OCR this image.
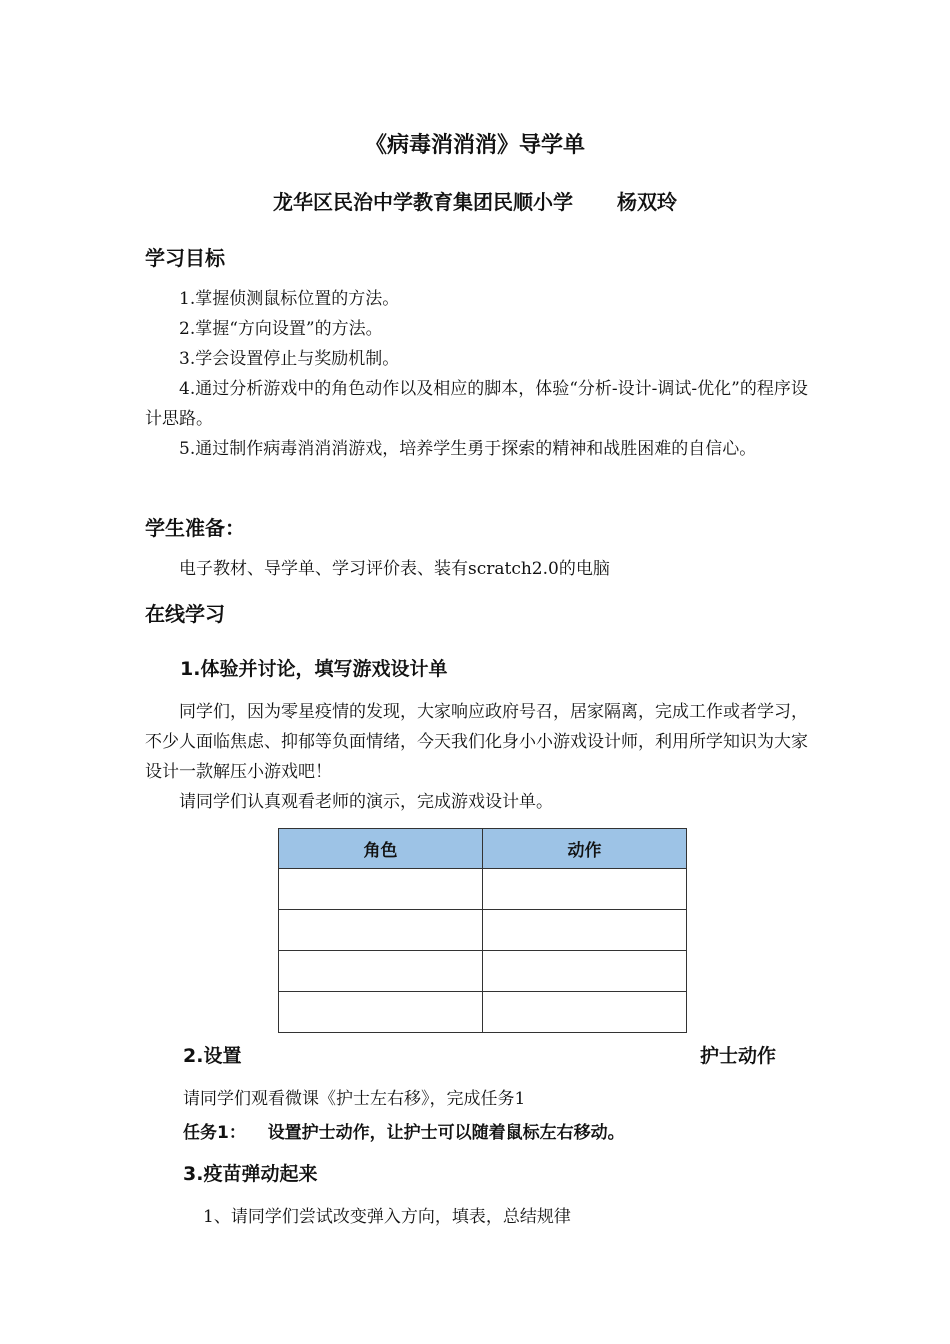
《病毒消消消》导学单
龙华区民治中学教育集团民顺小学 杨双玲
学习目标
1.掌握侦测鼠标位置的方法。
2.掌握“方向设置”的方法。
3.学会设置停止与奖励机制。
4.通过分析游戏中的角色动作以及相应的脚本，体验“分析-设计-调试-优化”的程序设计思路。
5.通过制作病毒消消消游戏，培养学生勇于探索的精神和战胜困难的自信心。
学生准备：
电子教材、导学单、学习评价表、装有scratch2.0的电脑
在线学习
1.体验并讨论，填写游戏设计单
同学们，因为零星疫情的发现，大家响应政府号召，居家隔离，完成工作或者学习，不少人面临焦虑、抑郁等负面情绪，今天我们化身小小游戏设计师，利用所学知识为大家设计一款解压小游戏吧！
请同学们认真观看老师的演示，完成游戏设计单。
角色	动作

2.设置	护士动作
请同学们观看微课《护士左右移》，完成任务1
任务1： 设置护士动作，让护士可以随着鼠标左右移动。
3.疫苗弹动起来
1、请同学们尝试改变弹入方向，填表，总结规律
